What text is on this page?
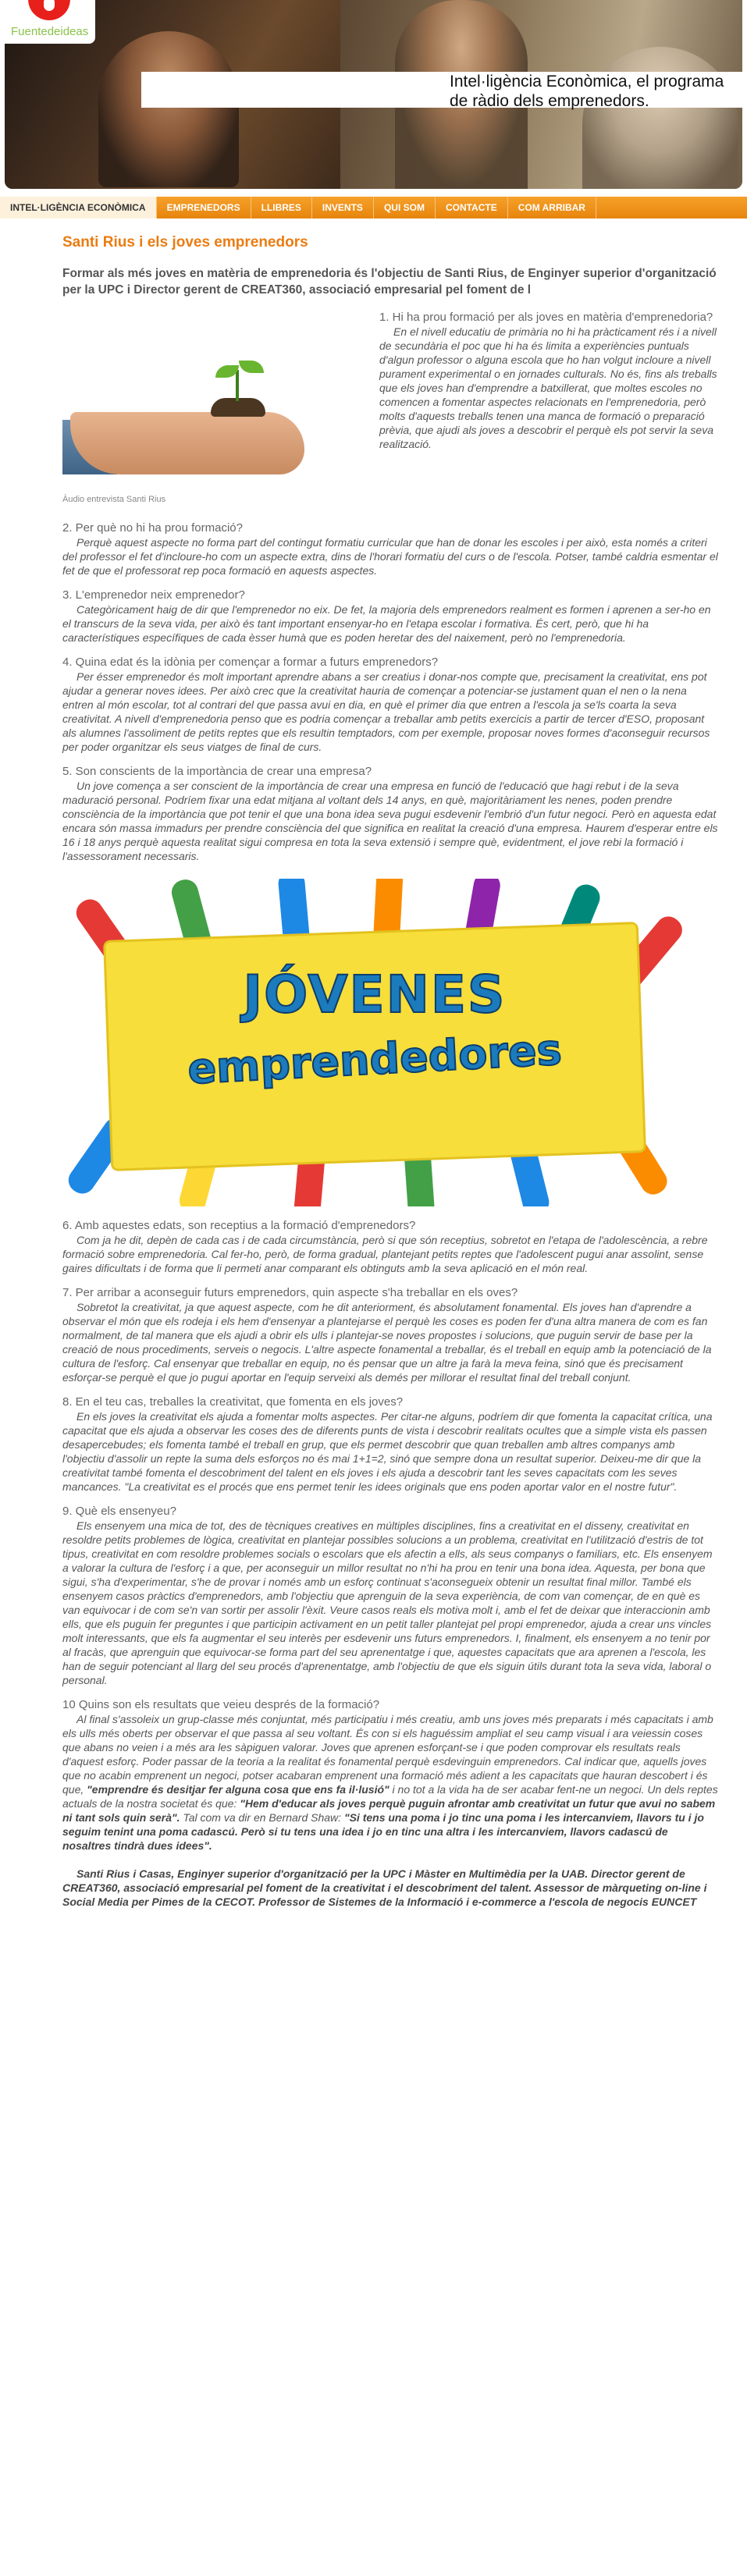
Intel·ligència Econòmica, el programa de ràdio dels emprenedors.
Fuentedeideas
INTEL·LIGÈNCIA ECONÒMICA	EMPRENEDORS	LLIBRES	INVENTS	QUI SOM	CONTACTE	COM ARRIBAR
Santi Rius i els joves emprenedors

Formar als més joves en matèria de emprenedoria és l'objectiu de Santi Rius, de Enginyer superior d'organització per la UPC i Director gerent de CREAT360, associació empresarial pel foment de l

Àudio entrevista Santi Rius

1. Hi ha prou formació per als joves en matèria d'emprenedoria?

En el nivell educatiu de primària no hi ha pràcticament rés i a nivell de secundària el poc que hi ha és limita a experiències puntuals d'algun professor o alguna escola que ho han volgut incloure a nivell purament experimental o en jornades culturals. No és, fins als treballs que els joves han d'emprendre a batxillerat, que moltes escoles no comencen a fomentar aspectes relacionats en l'emprenedoria, però molts d'aquests treballs tenen una manca de formació o preparació prèvia, que ajudi als joves a descobrir el perquè els pot servir la seva realització.

2. Per què no hi ha prou formació?

Perquè aquest aspecte no forma part del contingut formatiu curricular que han de donar les escoles i per això, esta només a criteri del professor el fet d'incloure-ho com un aspecte extra, dins de l'horari formatiu del curs o de l'escola. Potser, també caldria esmentar el fet de que el professorat rep poca formació en aquests aspectes.

3. L'emprenedor neix emprenedor?

Categòricament haig de dir que l'emprenedor no eix. De fet, la majoria dels emprenedors realment es formen i aprenen a ser-ho en el transcurs de la seva vida, per això és tant important ensenyar-ho en l'etapa escolar i formativa. És cert, però, que hi ha característiques específiques de cada èsser humà que es poden heretar des del naixement, però no l'emprenedoria.

4. Quina edat és la idònia per començar a formar a futurs emprenedors?

Per ésser emprenedor és molt important aprendre abans a ser creatius i donar-nos compte que, precisament la creativitat, ens pot ajudar a generar noves idees. Per això crec que la creativitat hauria de començar a potenciar-se justament quan el nen o la nena entren al món escolar, tot al contrari del que passa avui en dia, en què el primer dia que entren a l'escola ja se'ls coarta la seva creativitat. A nivell d'emprenedoria penso que es podria començar a treballar amb petits exercicis a partir de tercer d'ESO, proposant als alumnes l'assoliment de petits reptes que els resultin temptadors, com per exemple, proposar noves formes d'aconseguir recursos per poder organitzar els seus viatges de final de curs.

5. Son conscients de la importància de crear una empresa?

Un jove comença a ser conscient de la importància de crear una empresa en funció de l'educació que hagi rebut i de la seva maduració personal. Podríem fixar una edat mitjana al voltant dels 14 anys, en què, majoritàriament les nenes, poden prendre consciència de la importància que pot tenir el que una bona idea seva pugui esdevenir l'embrió d'un futur negoci. Però en aquesta edat encara són massa immadurs per prendre consciència del que significa en realitat la creació d'una empresa. Haurem d'esperar entre els 16 i 18 anys perquè aquesta realitat sigui compresa en tota la seva extensió i sempre què, evidentment, el jove rebi la formació i l'assessorament necessaris.

JÓVENES
emprendedores

6. Amb aquestes edats, son receptius a la formació d'emprenedors?

Com ja he dit, depèn de cada cas i de cada circumstància, però si que són receptius, sobretot en l'etapa de l'adolescència, a rebre formació sobre emprenedoria. Cal fer-ho, però, de forma gradual, plantejant petits reptes que l'adolescent pugui anar assolint, sense gaires dificultats i de forma que li permeti anar comparant els obtinguts amb la seva aplicació en el món real.

7. Per arribar a aconseguir futurs emprenedors, quin aspecte s'ha treballar en els oves?

Sobretot la creativitat, ja que aquest aspecte, com he dit anteriorment, és absolutament fonamental. Els joves han d'aprendre a observar el món que els rodeja i els hem d'ensenyar a plantejarse el perquè les coses es poden fer d'una altra manera de com es fan normalment, de tal manera que els ajudi a obrir els ulls i plantejar-se noves propostes i solucions, que puguin servir de base per la creació de nous procediments, serveis o negocis. L'altre aspecte fonamental a treballar, és el treball en equip amb la potenciació de la cultura de l'esforç. Cal ensenyar que treballar en equip, no és pensar que un altre ja farà la meva feina, sinó que és precisament esforçar-se perquè el que jo pugui aportar en l'equip serveixi als demés per millorar el resultat final del treball conjunt.

8. En el teu cas, treballes la creativitat, que fomenta en els joves?

En els joves la creativitat els ajuda a fomentar molts aspectes. Per citar-ne alguns, podríem dir que fomenta la capacitat crítica, una capacitat que els ajuda a observar les coses des de diferents punts de vista i descobrir realitats ocultes que a simple vista els passen desapercebudes; els fomenta també el treball en grup, que els permet descobrir que quan treballen amb altres companys amb l'objectiu d'assolir un repte la suma dels esforços no és mai 1+1=2, sinó que sempre dona un resultat superior. Deixeu-me dir que la creativitat també fomenta el descobriment del talent en els joves i els ajuda a descobrir tant les seves capacitats com les seves mancances. "La creativitat es el procés que ens permet tenir les idees originals que ens poden aportar valor en el nostre futur".

9. Què els ensenyeu?

Els ensenyem una mica de tot, des de tècniques creatives en múltiples disciplines, fins a creativitat en el disseny, creativitat en resoldre petits problemes de lògica, creativitat en plantejar possibles solucions a un problema, creativitat en l'utilització d'estris de tot tipus, creativitat en com resoldre problemes socials o escolars que els afectin a ells, als seus companys o familiars, etc. Els ensenyem a valorar la cultura de l'esforç i a que, per aconseguir un millor resultat no n'hi ha prou en tenir una bona idea. Aquesta, per bona que sigui, s'ha d'experimentar, s'he de provar i només amb un esforç continuat s'aconsegueix obtenir un resultat final millor. També els ensenyem casos pràctics d'emprenedors, amb l'objectiu que aprenguin de la seva experiència, de com van començar, de en què es van equivocar i de com se'n van sortir per assolir l'èxit. Veure casos reals els motiva molt i, amb el fet de deixar que interaccionin amb ells, que els puguin fer preguntes i que participin activament en un petit taller plantejat pel propi emprenedor, ajuda a crear uns vincles molt interessants, que els fa augmentar el seu interès per esdevenir uns futurs emprenedors. I, finalment, els ensenyem a no tenir por al fracàs, que aprenguin que equivocar-se forma part del seu aprenentatge i que, aquestes capacitats que ara aprenen a l'escola, les han de seguir potenciant al llarg del seu procés d'aprenentatge, amb l'objectiu de que els siguin útils durant tota la seva vida, laboral o personal.

10 Quins son els resultats que veieu després de la formació?

Al final s'assoleix un grup-classe més conjuntat, més participatiu i més creatiu, amb uns joves més preparats i més capacitats i amb els ulls més oberts per observar el que passa al seu voltant. És con si els haguéssim ampliat el seu camp visual i ara veiessin coses que abans no veien i a més ara les sàpiguen valorar. Joves que aprenen esforçant-se i que poden comprovar els resultats reals d'aquest esforç. Poder passar de la teoria a la realitat és fonamental perquè esdevinguin emprenedors. Cal indicar que, aquells joves que no acabin emprenent un negoci, potser acabaran emprenent una formació més adient a les capacitats que hauran descobert i és que, "emprendre és desitjar fer alguna cosa que ens fa il·lusió" i no tot a la vida ha de ser acabar fent-ne un negoci. Un dels reptes actuals de la nostra societat és que: "Hem d'educar als joves perquè puguin afrontar amb creativitat un futur que avui no sabem ni tant sols quin serà". Tal com va dir en Bernard Shaw: "Si tens una poma i jo tinc una poma i les intercanviem, llavors tu i jo seguim tenint una poma cadascú. Però si tu tens una idea i jo en tinc una altra i les intercanviem, llavors cadascú de nosaltres tindrà dues idees".

Santi Rius i Casas, Enginyer superior d'organització per la UPC i Màster en Multimèdia per la UAB. Director gerent de CREAT360, associació empresarial pel foment de la creativitat i el descobriment del talent. Assessor de màrqueting on-line i Social Media per Pimes de la CECOT. Professor de Sistemes de la Informació i e-commerce a l'escola de negocis EUNCET
